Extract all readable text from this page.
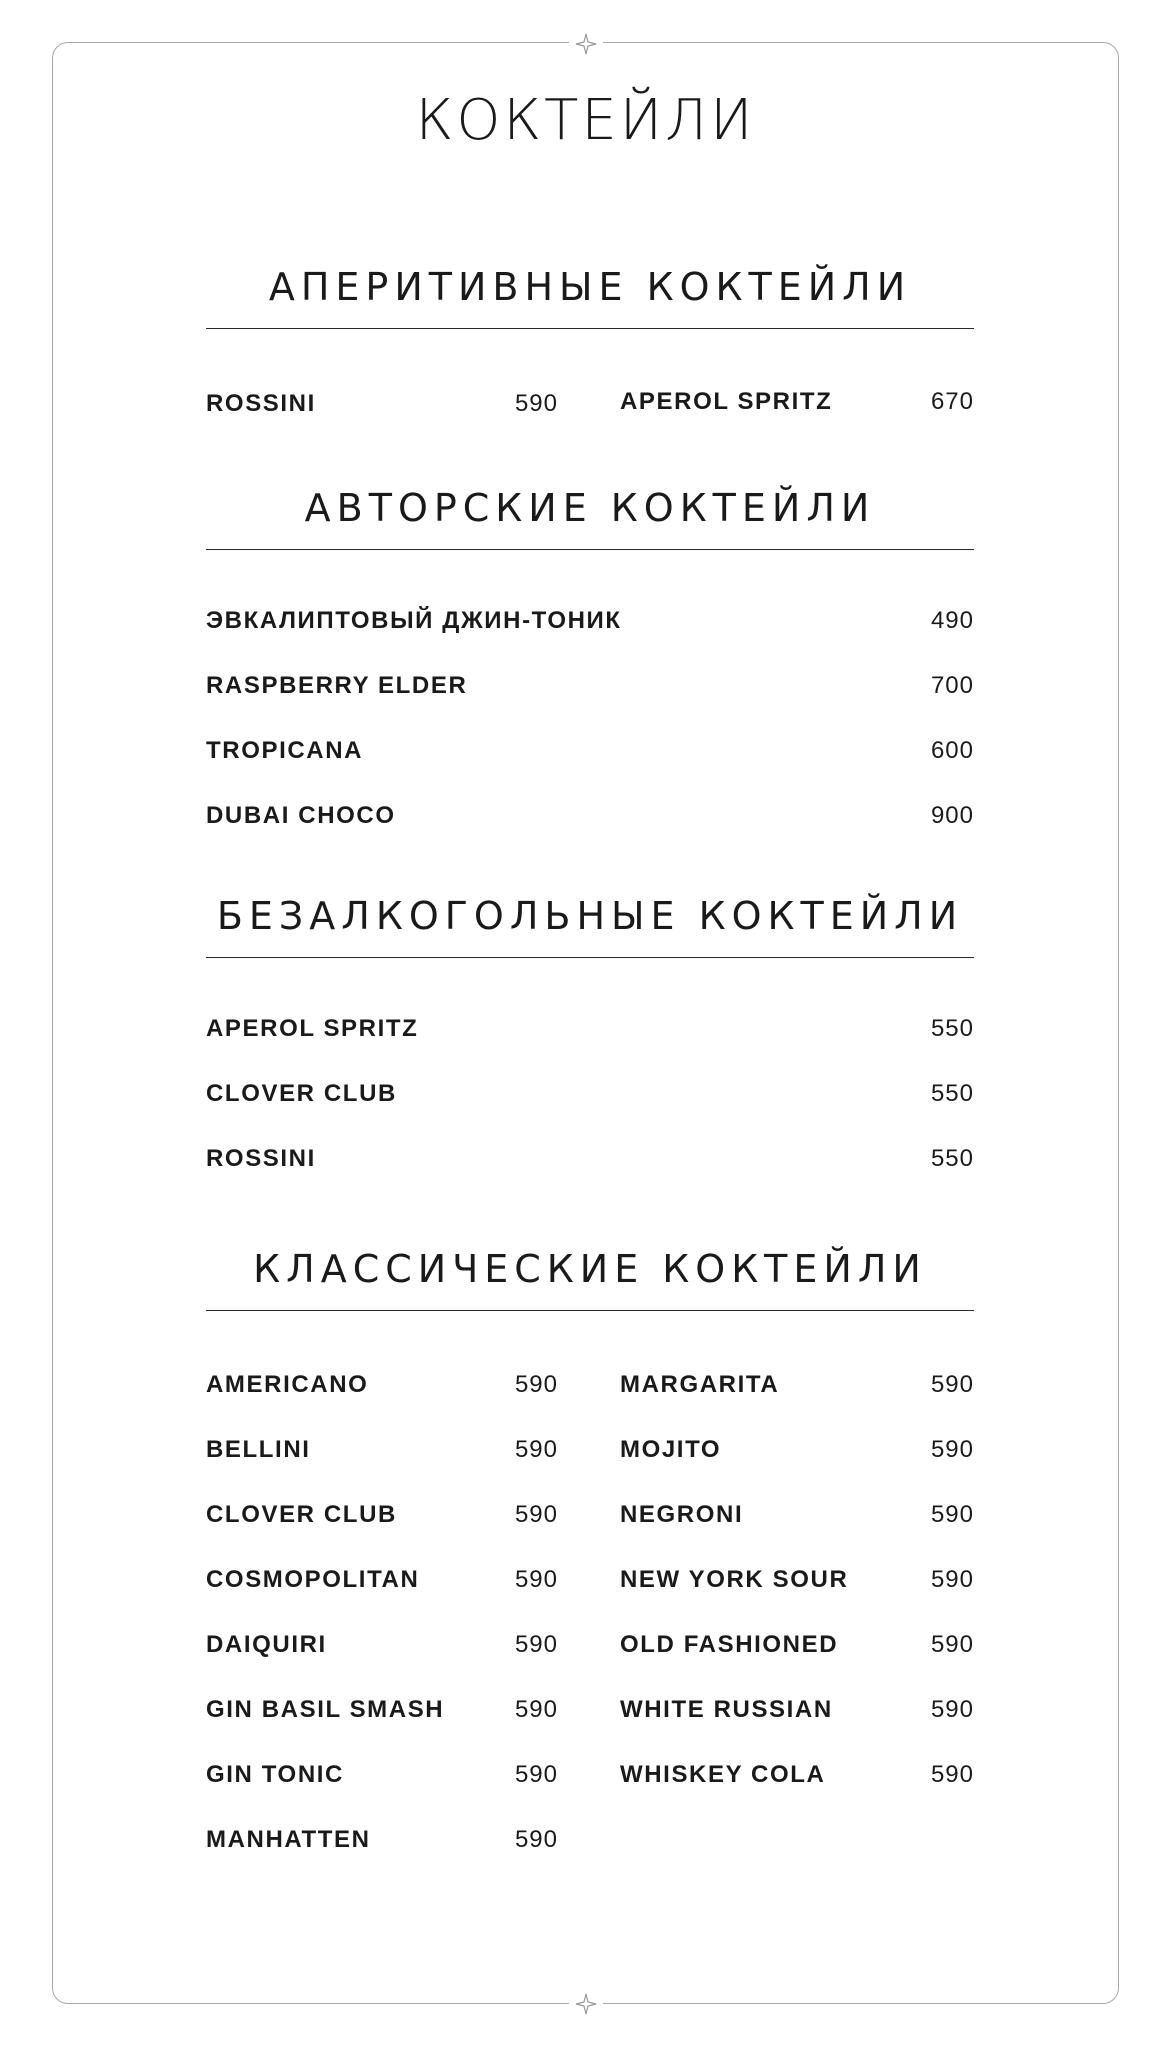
КОКТЕЙЛИ
АПЕРИТИВНЫЕ КОКТЕЙЛИ
ROSSINI	590	APEROL SPRITZ	670
АВТОРСКИЕ КОКТЕЙЛИ
ЭВКАЛИПТОВЫЙ ДЖИН-ТОНИК	490
RASPBERRY ELDER	700
TROPICANA	600
DUBAI CHOCO	900
БЕЗАЛКОГОЛЬНЫЕ КОКТЕЙЛИ
APEROL SPRITZ	550
CLOVER CLUB	550
ROSSINI	550
КЛАССИЧЕСКИЕ КОКТЕЙЛИ
AMERICANO	590
BELLINI	590
CLOVER CLUB	590
COSMOPOLITAN	590
DAIQUIRI	590
GIN BASIL SMASH	590
GIN TONIC	590
MANHATTEN	590
MARGARITA	590
MOJITO	590
NEGRONI	590
NEW YORK SOUR	590
OLD FASHIONED	590
WHITE RUSSIAN	590
WHISKEY COLA	590
